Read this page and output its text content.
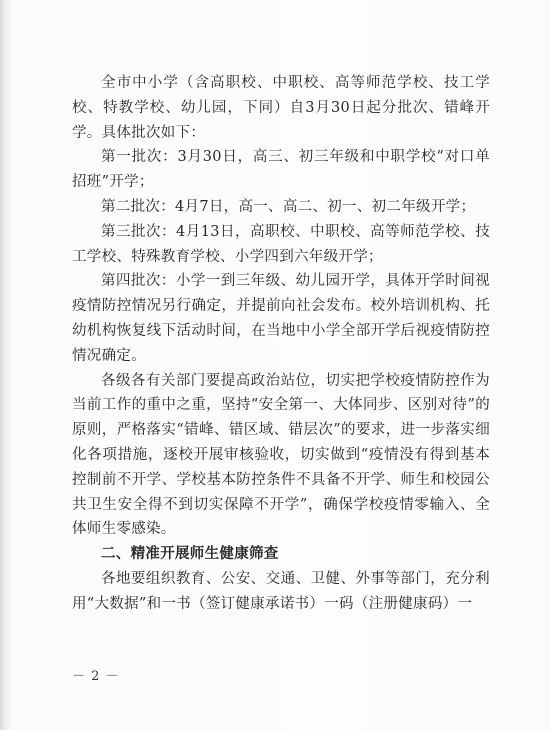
全市中小学（含高职校、中职校、高等师范学校、技工学校、特教学校、幼儿园，下同）自3月30日起分批次、错峰开学。具体批次如下：

第一批次：3月30日，高三、初三年级和中职学校“对口单招班”开学；

第二批次：4月7日，高一、高二、初一、初二年级开学；

第三批次：4月13日，高职校、中职校、高等师范学校、技工学校、特殊教育学校、小学四到六年级开学；

第四批次：小学一到三年级、幼儿园开学，具体开学时间视疫情防控情况另行确定，并提前向社会发布。校外培训机构、托幼机构恢复线下活动时间，在当地中小学全部开学后视疫情防控情况确定。

各级各有关部门要提高政治站位，切实把学校疫情防控作为当前工作的重中之重，坚持“安全第一、大体同步、区别对待”的原则，严格落实“错峰、错区域、错层次”的要求，进一步落实细化各项措施，逐校开展审核验收，切实做到“疫情没有得到基本控制前不开学、学校基本防控条件不具备不开学、师生和校园公共卫生安全得不到切实保障不开学”，确保学校疫情零输入、全体师生零感染。

二、精准开展师生健康筛查

各地要组织教育、公安、交通、卫健、外事等部门，充分利用“大数据”和一书（签订健康承诺书）一码（注册健康码）一

－ 2 －
